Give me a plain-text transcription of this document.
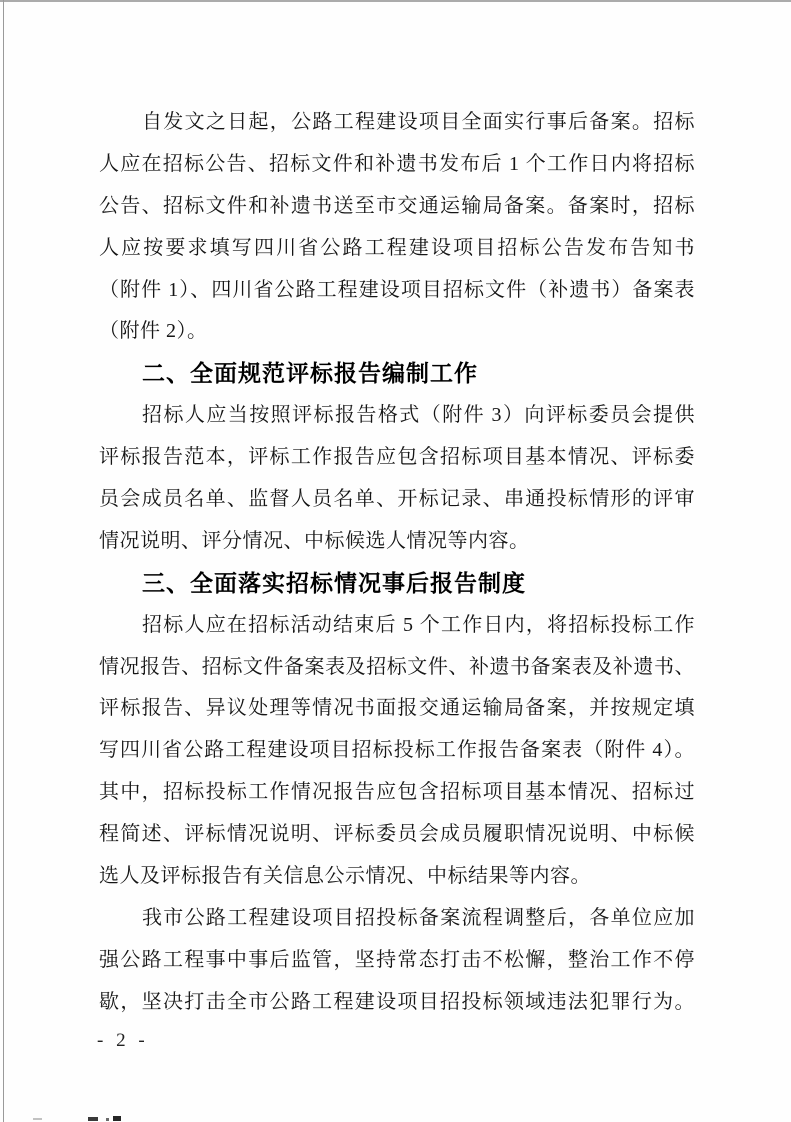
自发文之日起，公路工程建设项目全面实行事后备案。招标
人应在招标公告、招标文件和补遗书发布后 1 个工作日内将招标
公告、招标文件和补遗书送至市交通运输局备案。备案时，招标
人应按要求填写四川省公路工程建设项目招标公告发布告知书
（附件 1）、四川省公路工程建设项目招标文件（补遗书）备案表
（附件 2）。
二、全面规范评标报告编制工作
招标人应当按照评标报告格式（附件 3）向评标委员会提供
评标报告范本，评标工作报告应包含招标项目基本情况、评标委
员会成员名单、监督人员名单、开标记录、串通投标情形的评审
情况说明、评分情况、中标候选人情况等内容。
三、全面落实招标情况事后报告制度
招标人应在招标活动结束后 5 个工作日内，将招标投标工作
情况报告、招标文件备案表及招标文件、补遗书备案表及补遗书、
评标报告、异议处理等情况书面报交通运输局备案，并按规定填
写四川省公路工程建设项目招标投标工作报告备案表（附件 4）。
其中，招标投标工作情况报告应包含招标项目基本情况、招标过
程简述、评标情况说明、评标委员会成员履职情况说明、中标候
选人及评标报告有关信息公示情况、中标结果等内容。
我市公路工程建设项目招投标备案流程调整后，各单位应加
强公路工程事中事后监管，坚持常态打击不松懈，整治工作不停
歇，坚决打击全市公路工程建设项目招投标领域违法犯罪行为。
- 2 -
